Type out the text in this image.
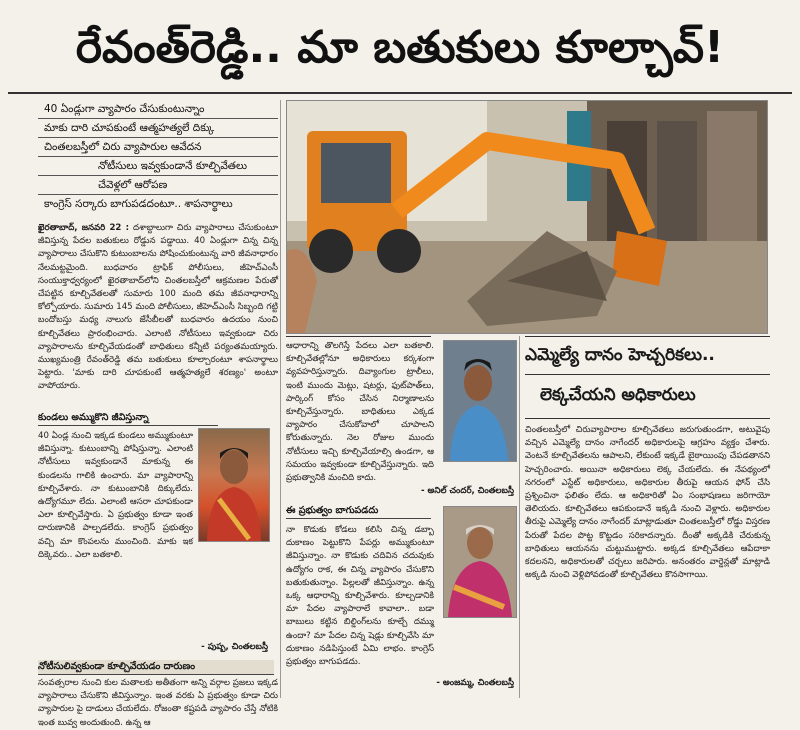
రేవంత్‌రెడ్డి.. మా బతుకులు కూల్చావ్‌!
40 ఏండ్లుగా వ్యాపారం చేసుకుంటున్నాం
మాకు దారి చూపకుంటే ఆత్మహత్యలే దిక్కు
చింతలబస్తీలో చిరు వ్యాపారుల ఆవేదన
నోటీసులు ఇవ్వకుండానే కూల్చివేతలు
చేవెళ్లలో ఆరోపణ
కాంగ్రెస్‌ సర్కారు బాగుపడదంటూ.. శాపనార్థాలు
ఖైరతాబాద్‌, జనవరి 22 : దశాబ్దాలుగా చిరు వ్యాపారాలు చేసుకుంటూ జీవిస్తున్న పేదల బతుకులు రోడ్డున పడ్డాయి. 40 ఏండ్లుగా చిన్న చిన్న వ్యాపారాలు చేసుకొని కుటుంబాలను పోషించుకుంటున్న వారి జీవనాధారం నేలమట్టమైంది. బుధవారం ట్రాఫిక్‌ పోలీసులు, జీహెచ్‌ఎంసీ సంయుక్తాధ్వర్యంలో ఖైరతాబాద్‌లోని చింతలబస్తీలో ఆక్రమణల పేరుతో చేపట్టిన కూల్చివేతలతో సుమారు 100 మంది తమ జీవనాధారాన్ని కోల్పోయారు. సుమారు 145 మంది పోలీసులు, జీహెచ్‌ఎంసీ సిబ్బంది గట్టి బందోబస్తు మధ్య నాలుగు జేసీబీలతో బుధవారం ఉదయం నుంచి కూల్చివేతలు ప్రారంభించారు. ఎలాంటి నోటీసులు ఇవ్వకుండా చిరు వ్యాపారాలను కూల్చివేయడంతో బాధితులు కన్నీటి పర్యంతమయ్యారు. ముఖ్యమంత్రి రేవంత్‌రెడ్డి తమ బతుకులు కూల్చారంటూ శాపనార్థాలు పెట్టారు. 'మాకు దారి చూపకుంటే ఆత్మహత్యలే శరణ్యం' అంటూ వాపోయారు.
కుండలు అమ్ముకొని జీవిస్తున్నా
40 ఏండ్ల నుంచి ఇక్కడ కుండలు అమ్ముకుంటూ జీవిస్తున్నా. కుటుంబాన్ని పోషిస్తున్నా. ఎలాంటి నోటీసులు ఇవ్వకుండానే మాకున్న ఈ కుండలను గాలికి ఉంచారు. మా వ్యాపారాన్ని కూల్చివేశారు. నా కుటుంబానికి దిక్కులేదు. ఉద్యోగమూ లేదు. ఎలాంటి ఆసరా చూపకుండా ఎలా కూల్చివేస్తారు. ఏ ప్రభుత్వం కూడా ఇంత దారుణానికి పాల్పడలేదు. కాంగ్రెస్‌ ప్రభుత్వం వచ్చి మా కొంపలను ముంచింది. మాకు ఇక దిక్కెవరు.. ఎలా బతకాలి.
- పుష్ప, చింతలబస్తీ
నోటీసులివ్వకుండా కూల్చివేయడం దారుణం
సంవత్సరాల నుంచి కుల మతాలకు అతీతంగా అన్ని వర్గాల ప్రజలు ఇక్కడ వ్యాపారాలు చేసుకొని జీవిస్తున్నాం. ఇంత వరకు ఏ ప్రభుత్వం కూడా చిరు వ్యాపారుల పై దాడులు చేయలేదు. రోజంతా కష్టపడి వ్యాపారం చేస్తే నోటికి ఇంత బువ్వ అందుతుంది. ఉన్న ఆ
ఆధారాన్ని తొలగిస్తే పేదలు ఎలా బతకాలి. కూల్చివేతల్లోనూ అధికారులు కర్కశంగా వ్యవహరిస్తున్నారు. దివ్యాంగుల ట్రాలీలు, ఇంటి ముందు మెట్లు, షటర్లు, ఫుట్‌పాత్‌లు, పార్కింగ్‌ కోసం చేసిన నిర్మాణాలను కూల్చివేస్తున్నారు. బాధితులు ఎక్కడ వ్యాపారం చేసుకోవాలో చూపాలని కోరుతున్నారు. నెల రోజుల ముందు నోటీసులు ఇచ్చి కూల్చివేయాల్సి ఉండగా, ఆ సమయం ఇవ్వకుండా కూల్చివేస్తున్నారు. ఇది ప్రభుత్వానికి మంచిది కాదు.
- అనిల్‌ చందర్‌, చింతలబస్తీ
ఈ ప్రభుత్వం బాగుపడదు
నా కొడుకు కోడలు కలిసి చిన్న డబ్బా దుకాణం పెట్టుకొని పేపర్లు అమ్ముకుంటూ జీవిస్తున్నాం. నా కొడుకు చదివిన చదువుకు ఉద్యోగం రాక, ఈ చిన్న వ్యాపారం చేసుకొని బతుకుతున్నాం. పిల్లలతో జీవిస్తున్నాం. ఉన్న ఒక్క ఆధారాన్ని కూల్చివేశారు. కూల్చడానికి మా పేదల వ్యాపారాలే కావాలా.. బడా బాబులు కట్టిన బిల్డింగ్‌లను కూల్చే దమ్ము ఉందా? మా పేదల చిన్న షెడ్లు కూల్చివేసి మా దుకాణం నడిపిస్తుంటే ఏమి లాభం. కాంగ్రెస్‌ ప్రభుత్వం బాగుపడదు.
- అంజమ్మ, చింతలబస్తీ
ఎమ్మెల్యే దానం హెచ్చరికలు..
లెక్కచేయని అధికారులు
చింతలబస్తీలో చిరువ్యాపారాల కూల్చివేతలు జరుగుతుండగా, అటువైపు వచ్చిన ఎమ్మెల్యే దానం నాగేందర్‌ అధికారులపై ఆగ్రహం వ్యక్తం చేశారు. వెంటనే కూల్చివేతలను ఆపాలని, లేకుంటే ఇక్కడే బైఠాయింపు చేపడతానని హెచ్చరించారు. అయినా అధికారులు లెక్క చేయలేదు. ఈ నేపథ్యంలో నగరంలో ఎస్టేట్‌ అధికారులు, అధికారుల తీరుపై ఆయన ఫోన్‌ చేసి ప్రశ్నించినా ఫలితం లేదు. ఆ అధికారితో ఏం సంభాషణలు జరిగాయో తెలియదు. కూల్చివేతలు ఆపకుండానే ఇక్కడి నుంచి వెళ్లారు. అధికారుల తీరుపై ఎమ్మెల్యే దానం నాగేందర్‌ మాట్లాడుతూ చింతలబస్తీలో రోడ్డు విస్తరణ పేరుతో పేదల పొట్ట కొట్టడం సరికాదన్నారు. దీంతో అక్కడికి చేరుకున్న బాధితులు ఆయనను చుట్టుముట్టారు. అక్కడ కూల్చివేతలు ఆపేదాకా కదలనని, అధికారులతో చర్చలు జరిపారు. అనంతరం వార్డెన్లతో మాట్లాడి అక్కడి నుంచి వెళ్లిపోవడంతో కూల్చివేతలు కొనసాగాయి.
